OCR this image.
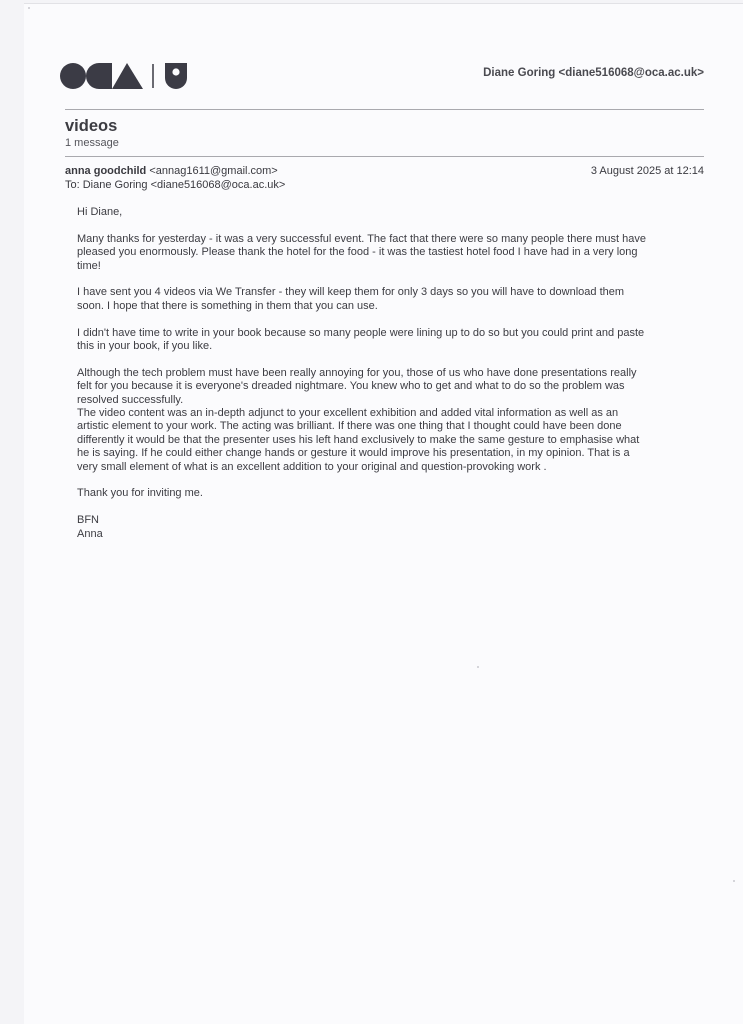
Diane Goring <diane516068@oca.ac.uk>
videos
1 message
anna goodchild <annag1611@gmail.com>
To: Diane Goring <diane516068@oca.ac.uk>
3 August 2025 at 12:14

Hi Diane,

Many thanks for yesterday - it was a very successful event. The fact that there were so many people there must have
pleased you enormously. Please thank the hotel for the food - it was the tastiest hotel food I have had in a very long
time!

I have sent you 4 videos via We Transfer - they will keep them for only 3 days so you will have to download them
soon. I hope that there is something in them that you can use.

I didn't have time to write in your book because so many people were lining up to do so but you could print and paste
this in your book, if you like.

Although the tech problem must have been really annoying for you, those of us who have done presentations really
felt for you because it is everyone's dreaded nightmare. You knew who to get and what to do so the problem was
resolved successfully.

The video content was an in-depth adjunct to your excellent exhibition and added vital information as well as an
artistic element to your work. The acting was brilliant. If there was one thing that I thought could have been done
differently it would be that the presenter uses his left hand exclusively to make the same gesture to emphasise what
he is saying. If he could either change hands or gesture it would improve his presentation, in my opinion. That is a
very small element of what is an excellent addition to your original and question-provoking work .

Thank you for inviting me.

BFN
Anna
